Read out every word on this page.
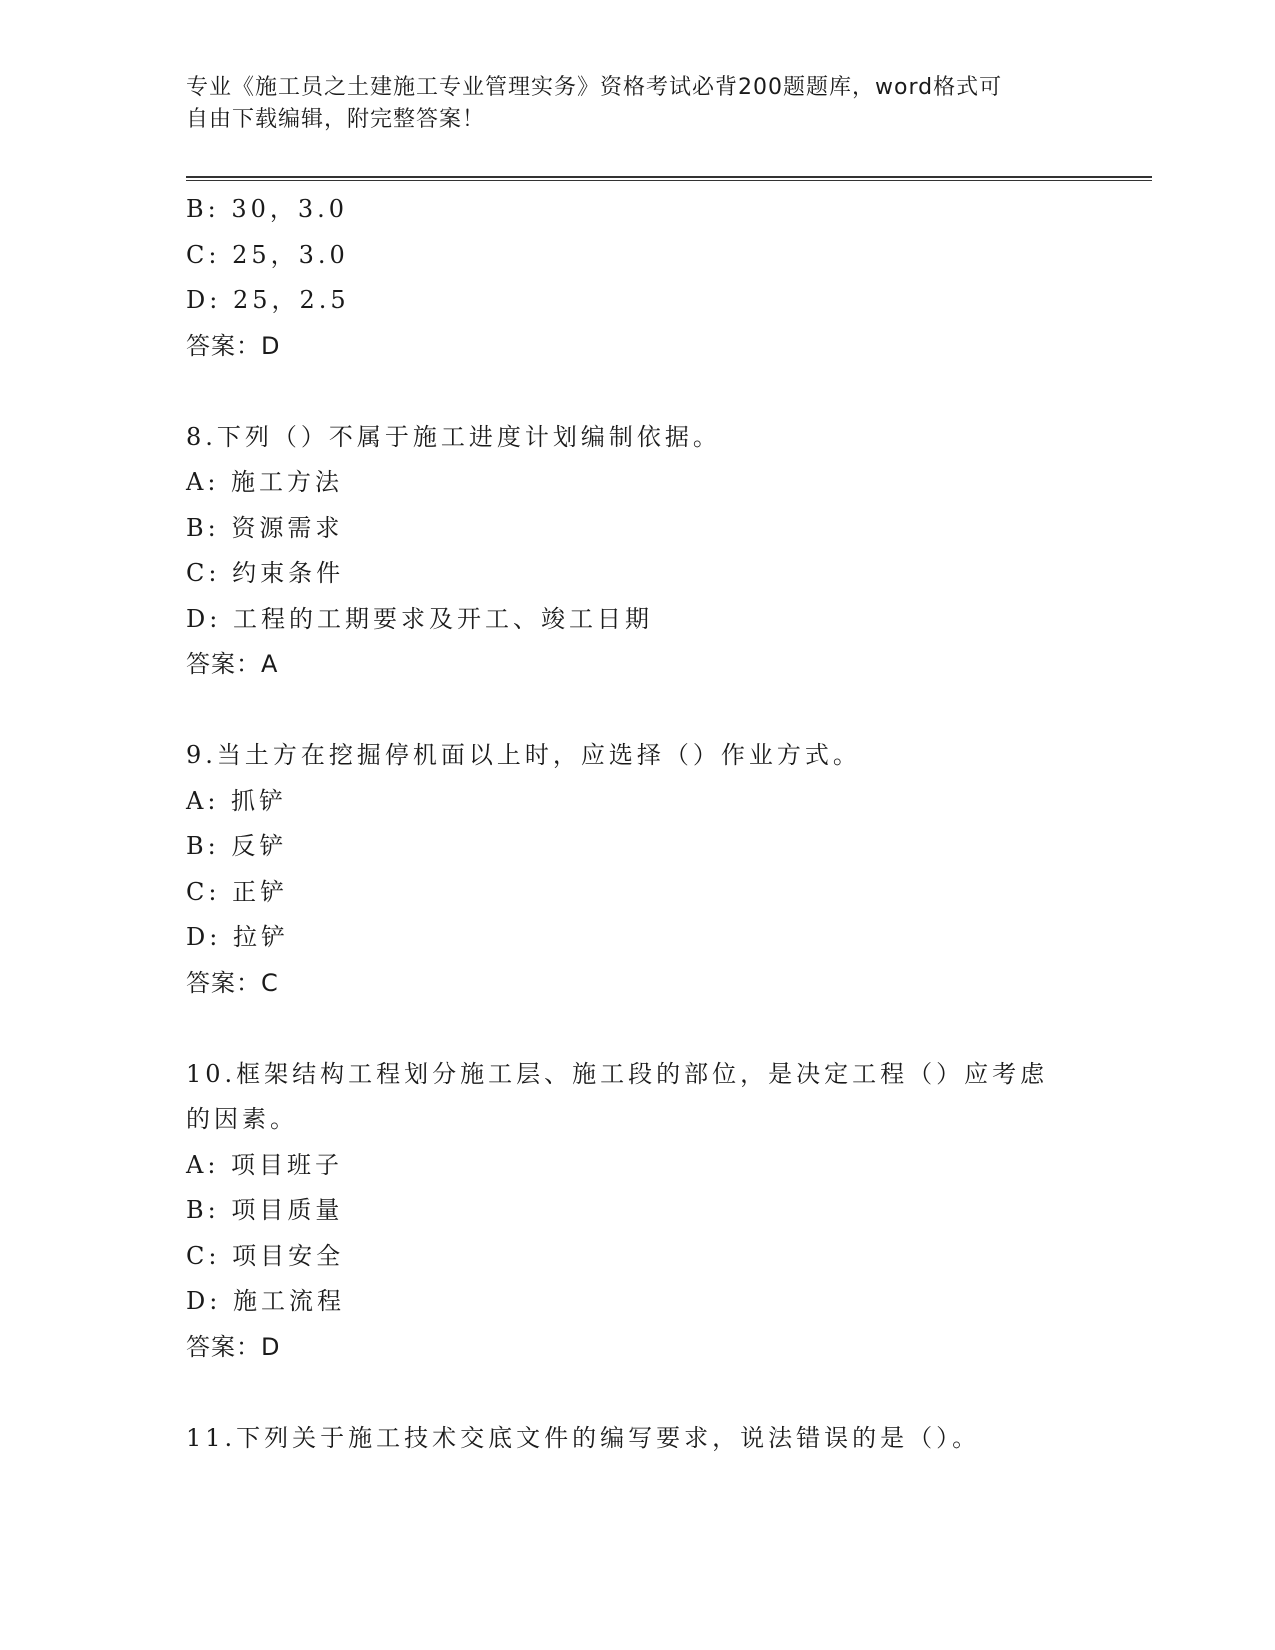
专业《施工员之土建施工专业管理实务》资格考试必背200题题库，word格式可
自由下载编辑，附完整答案！
B: 30，3.0
C: 25，3.0
D: 25，2.5
答案：D
8.下列（）不属于施工进度计划编制依据。
A: 施工方法
B: 资源需求
C: 约束条件
D: 工程的工期要求及开工、竣工日期
答案：A
9.当土方在挖掘停机面以上时，应选择（）作业方式。
A: 抓铲
B: 反铲
C: 正铲
D: 拉铲
答案：C
10.框架结构工程划分施工层、施工段的部位，是决定工程（）应考虑
的因素。
A: 项目班子
B: 项目质量
C: 项目安全
D: 施工流程
答案：D
11.下列关于施工技术交底文件的编写要求，说法错误的是（）。
